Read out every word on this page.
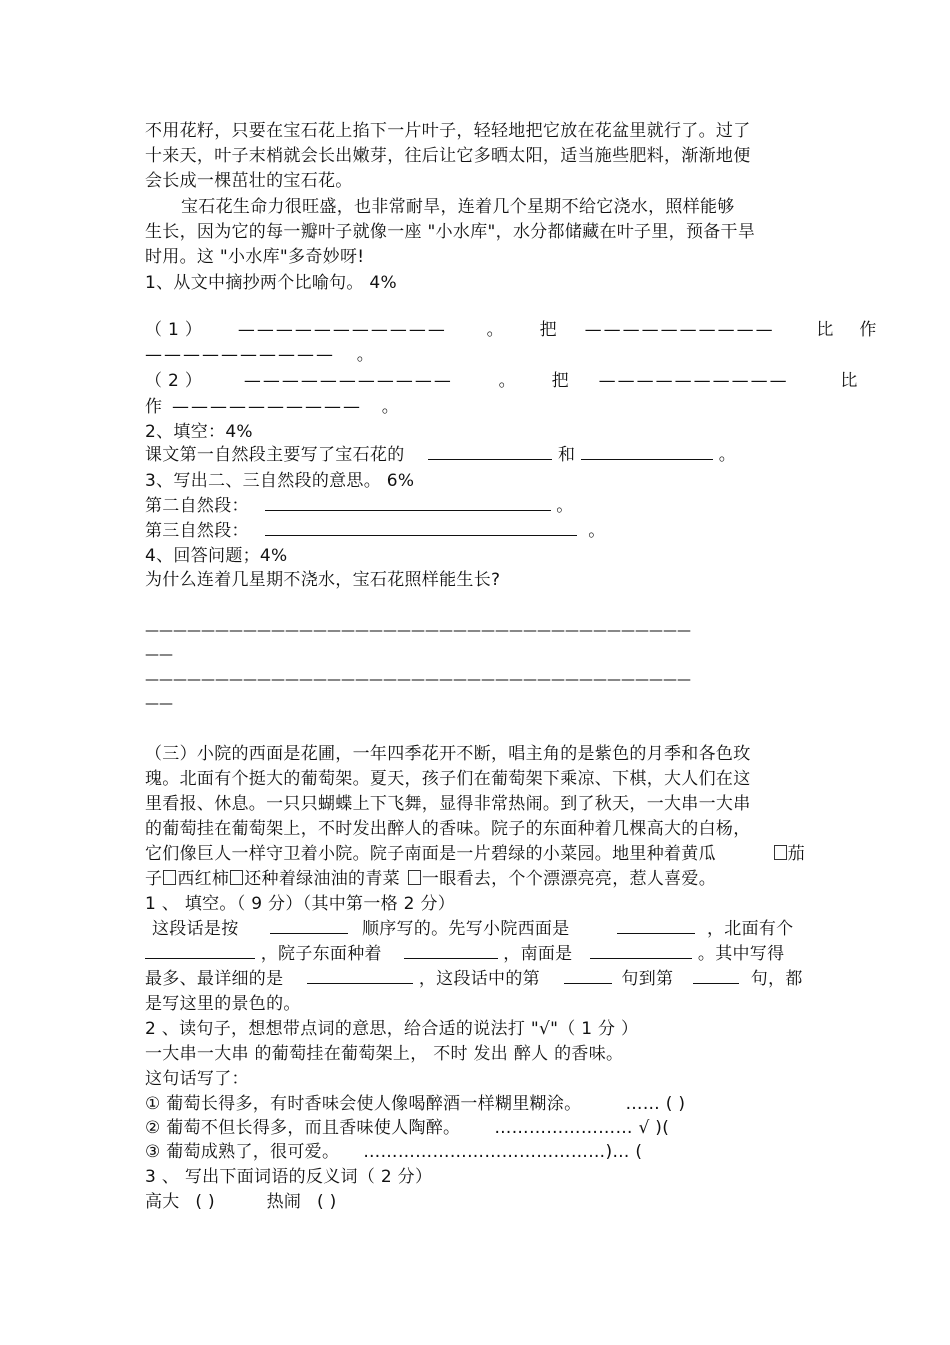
不用花籽，只要在宝石花上掐下一片叶子，轻轻地把它放在花盆里就行了。过了
十来天，叶子末梢就会长出嫩芽，往后让它多晒太阳，适当施些肥料，渐渐地便
会长成一棵茁壮的宝石花。
宝石花生命力很旺盛，也非常耐旱，连着几个星期不给它浇水，照样能够
生长，因为它的每一瓣叶子就像一座 "小水库"，水分都储藏在叶子里，预备干旱
时用。这 "小水库"多奇妙呀!
1、从文中摘抄两个比喻句。 4%
（ 1 ） ——————————— 。 把 —————————— 比 作
—————————— 。
（ 2 ） ———————————	。 把 ——————————	比
作 —————————— 。
2、填空：4%
课文第一自然段主要写了宝石花的	和	。
3、写出二、三自然段的意思。 6%
第二自然段：	。
第三自然段：	。
4、回答问题；4%
为什么连着几星期不浇水，宝石花照样能生长?
———————————————————————————————————————
——
———————————————————————————————————————
——
（三）小院的西面是花圃，一年四季花开不断，唱主角的是紫色的月季和各色玫
瑰。北面有个挺大的葡萄架。夏天，孩子们在葡萄架下乘凉、下棋，大人们在这
里看报、休息。一只只蝴蝶上下飞舞，显得非常热闹。到了秋天，一大串一大串
的葡萄挂在葡萄架上，不时发出醉人的香味。院子的东面种着几棵高大的白杨，
它们像巨人一样守卫着小院。院子南面是一片碧绿的小菜园。地里种着黄瓜	茄
子 西红柿 还种着绿油油的青菜 一眼看去，个个漂漂亮亮，惹人喜爱。
1 、 填空。（ 9 分）（其中第一格 2 分）
这段话是按	顺序写的。先写小院西面是	，北面有个
，院子东面种着	，南面是	。其中写得
最多、最详细的是	，这段话中的第	句到第	句，都
是写这里的景色的。
2 、读句子，想想带点词的意思，给合适的说法打 "√"（ 1 分 ）
一大串一大串 的葡萄挂在葡萄架上， 不时 发出 醉人 的香味。
这句话写了：
① 葡萄长得多，有时香味会使人像喝醉酒一样糊里糊涂。	…… ( )
② 葡萄不但长得多，而且香味使人陶醉。 …………………… √ )(
③ 葡萄成熟了，很可爱。 ……………………………………)… (
3 、 写出下面词语的反义词（ 2 分）
高大 ( )	热闹 ( )
